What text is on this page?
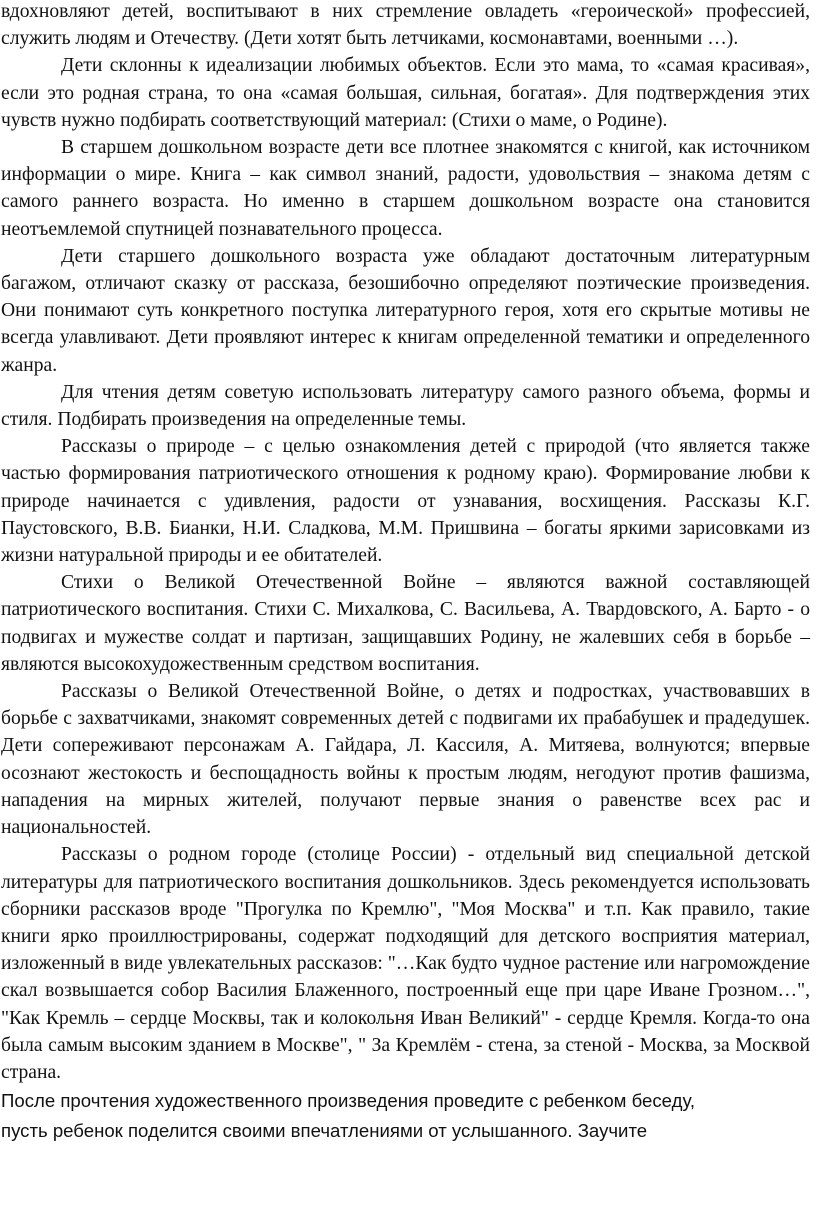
вдохновляют детей, воспитывают в них стремление овладеть «героической» профессией, служить людям и Отечеству. (Дети хотят быть летчиками, космонавтами, военными …).

Дети склонны к идеализации любимых объектов. Если это мама, то «самая красивая», если это родная страна, то она «самая большая, сильная, богатая». Для подтверждения этих чувств нужно подбирать соответствующий материал: (Стихи о маме, о Родине).

В старшем дошкольном возрасте дети все плотнее знакомятся с книгой, как источником информации о мире. Книга – как символ знаний, радости, удовольствия – знакома детям с самого раннего возраста. Но именно в старшем дошкольном возрасте она становится неотъемлемой спутницей познавательного процесса.

Дети старшего дошкольного возраста уже обладают достаточным литературным багажом, отличают сказку от рассказа, безошибочно определяют поэтические произведения. Они понимают суть конкретного поступка литературного героя, хотя его скрытые мотивы не всегда улавливают. Дети проявляют интерес к книгам определенной тематики и определенного жанра.

Для чтения детям советую использовать литературу самого разного объема, формы и стиля. Подбирать произведения на определенные темы.

Рассказы о природе – с целью ознакомления детей с природой (что является также частью формирования патриотического отношения к родному краю). Формирование любви к природе начинается с удивления, радости от узнавания, восхищения. Рассказы К.Г. Паустовского, В.В. Бианки, Н.И. Сладкова, М.М. Пришвина – богаты яркими зарисовками из жизни натуральной природы и ее обитателей.

Стихи о Великой Отечественной Войне – являются важной составляющей патриотического воспитания. Стихи С. Михалкова, С. Васильева, А. Твардовского, А. Барто - о подвигах и мужестве солдат и партизан, защищавших Родину, не жалевших себя в борьбе – являются высокохудожественным средством воспитания.

Рассказы о Великой Отечественной Войне, о детях и подростках, участвовавших в борьбе с захватчиками, знакомят современных детей с подвигами их прабабушек и прадедушек. Дети сопереживают персонажам А. Гайдара, Л. Кассиля, А. Митяева, волнуются; впервые осознают жестокость и беспощадность войны к простым людям, негодуют против фашизма, нападения на мирных жителей, получают первые знания о равенстве всех рас и национальностей.

Рассказы о родном городе (столице России) - отдельный вид специальной детской литературы для патриотического воспитания дошкольников. Здесь рекомендуется использовать сборники рассказов вроде "Прогулка по Кремлю", "Моя Москва" и т.п. Как правило, такие книги ярко проиллюстрированы, содержат подходящий для детского восприятия материал, изложенный в виде увлекательных рассказов: "…Как будто чудное растение или нагромождение скал возвышается собор Василия Блаженного, построенный еще при царе Иване Грозном…", "Как Кремль – сердце Москвы, так и колокольня Иван Великий" - сердце Кремля. Когда-то она была самым высоким зданием в Москве", " За Кремлём - стена, за стеной - Москва, за Москвой страна.

После прочтения художественного произведения проведите с ребенком беседу,

пусть ребенок поделится своими впечатлениями от услышанного. Заучите
